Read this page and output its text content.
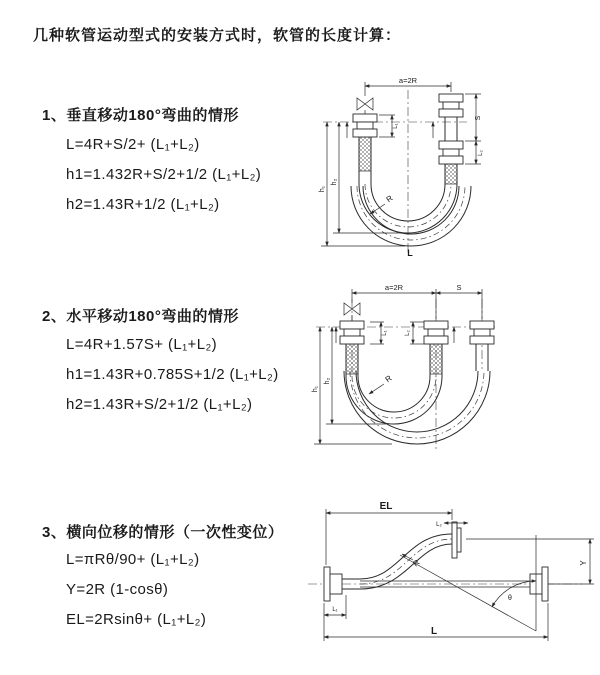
几种软管运动型式的安装方式时，软管的长度计算：
1、垂直移动180°弯曲的情形
L=4R+S/2+ (L₁+L₂)
h1=1.432R+S/2+1/2 (L₁+L₂)
h2=1.43R+1/2 (L₁+L₂)
2、水平移动180°弯曲的情形
L=4R+1.57S+ (L₁+L₂)
h1=1.43R+0.785S+1/2 (L₁+L₂)
h2=1.43R+S/2+1/2 (L₁+L₂)
3、横向位移的情形（一次性变位）
L=πRθ/90+ (L₁+L₂)
Y=2R (1-cosθ)
EL=2Rsinθ+ (L₁+L₂)
a=2R
S
L₂
L₁
h₁
h₂
R
L
a=2R	S
L₁	L₂
h₁
h₂	R
θ
EL
L₂
Y
L
L₁
R
